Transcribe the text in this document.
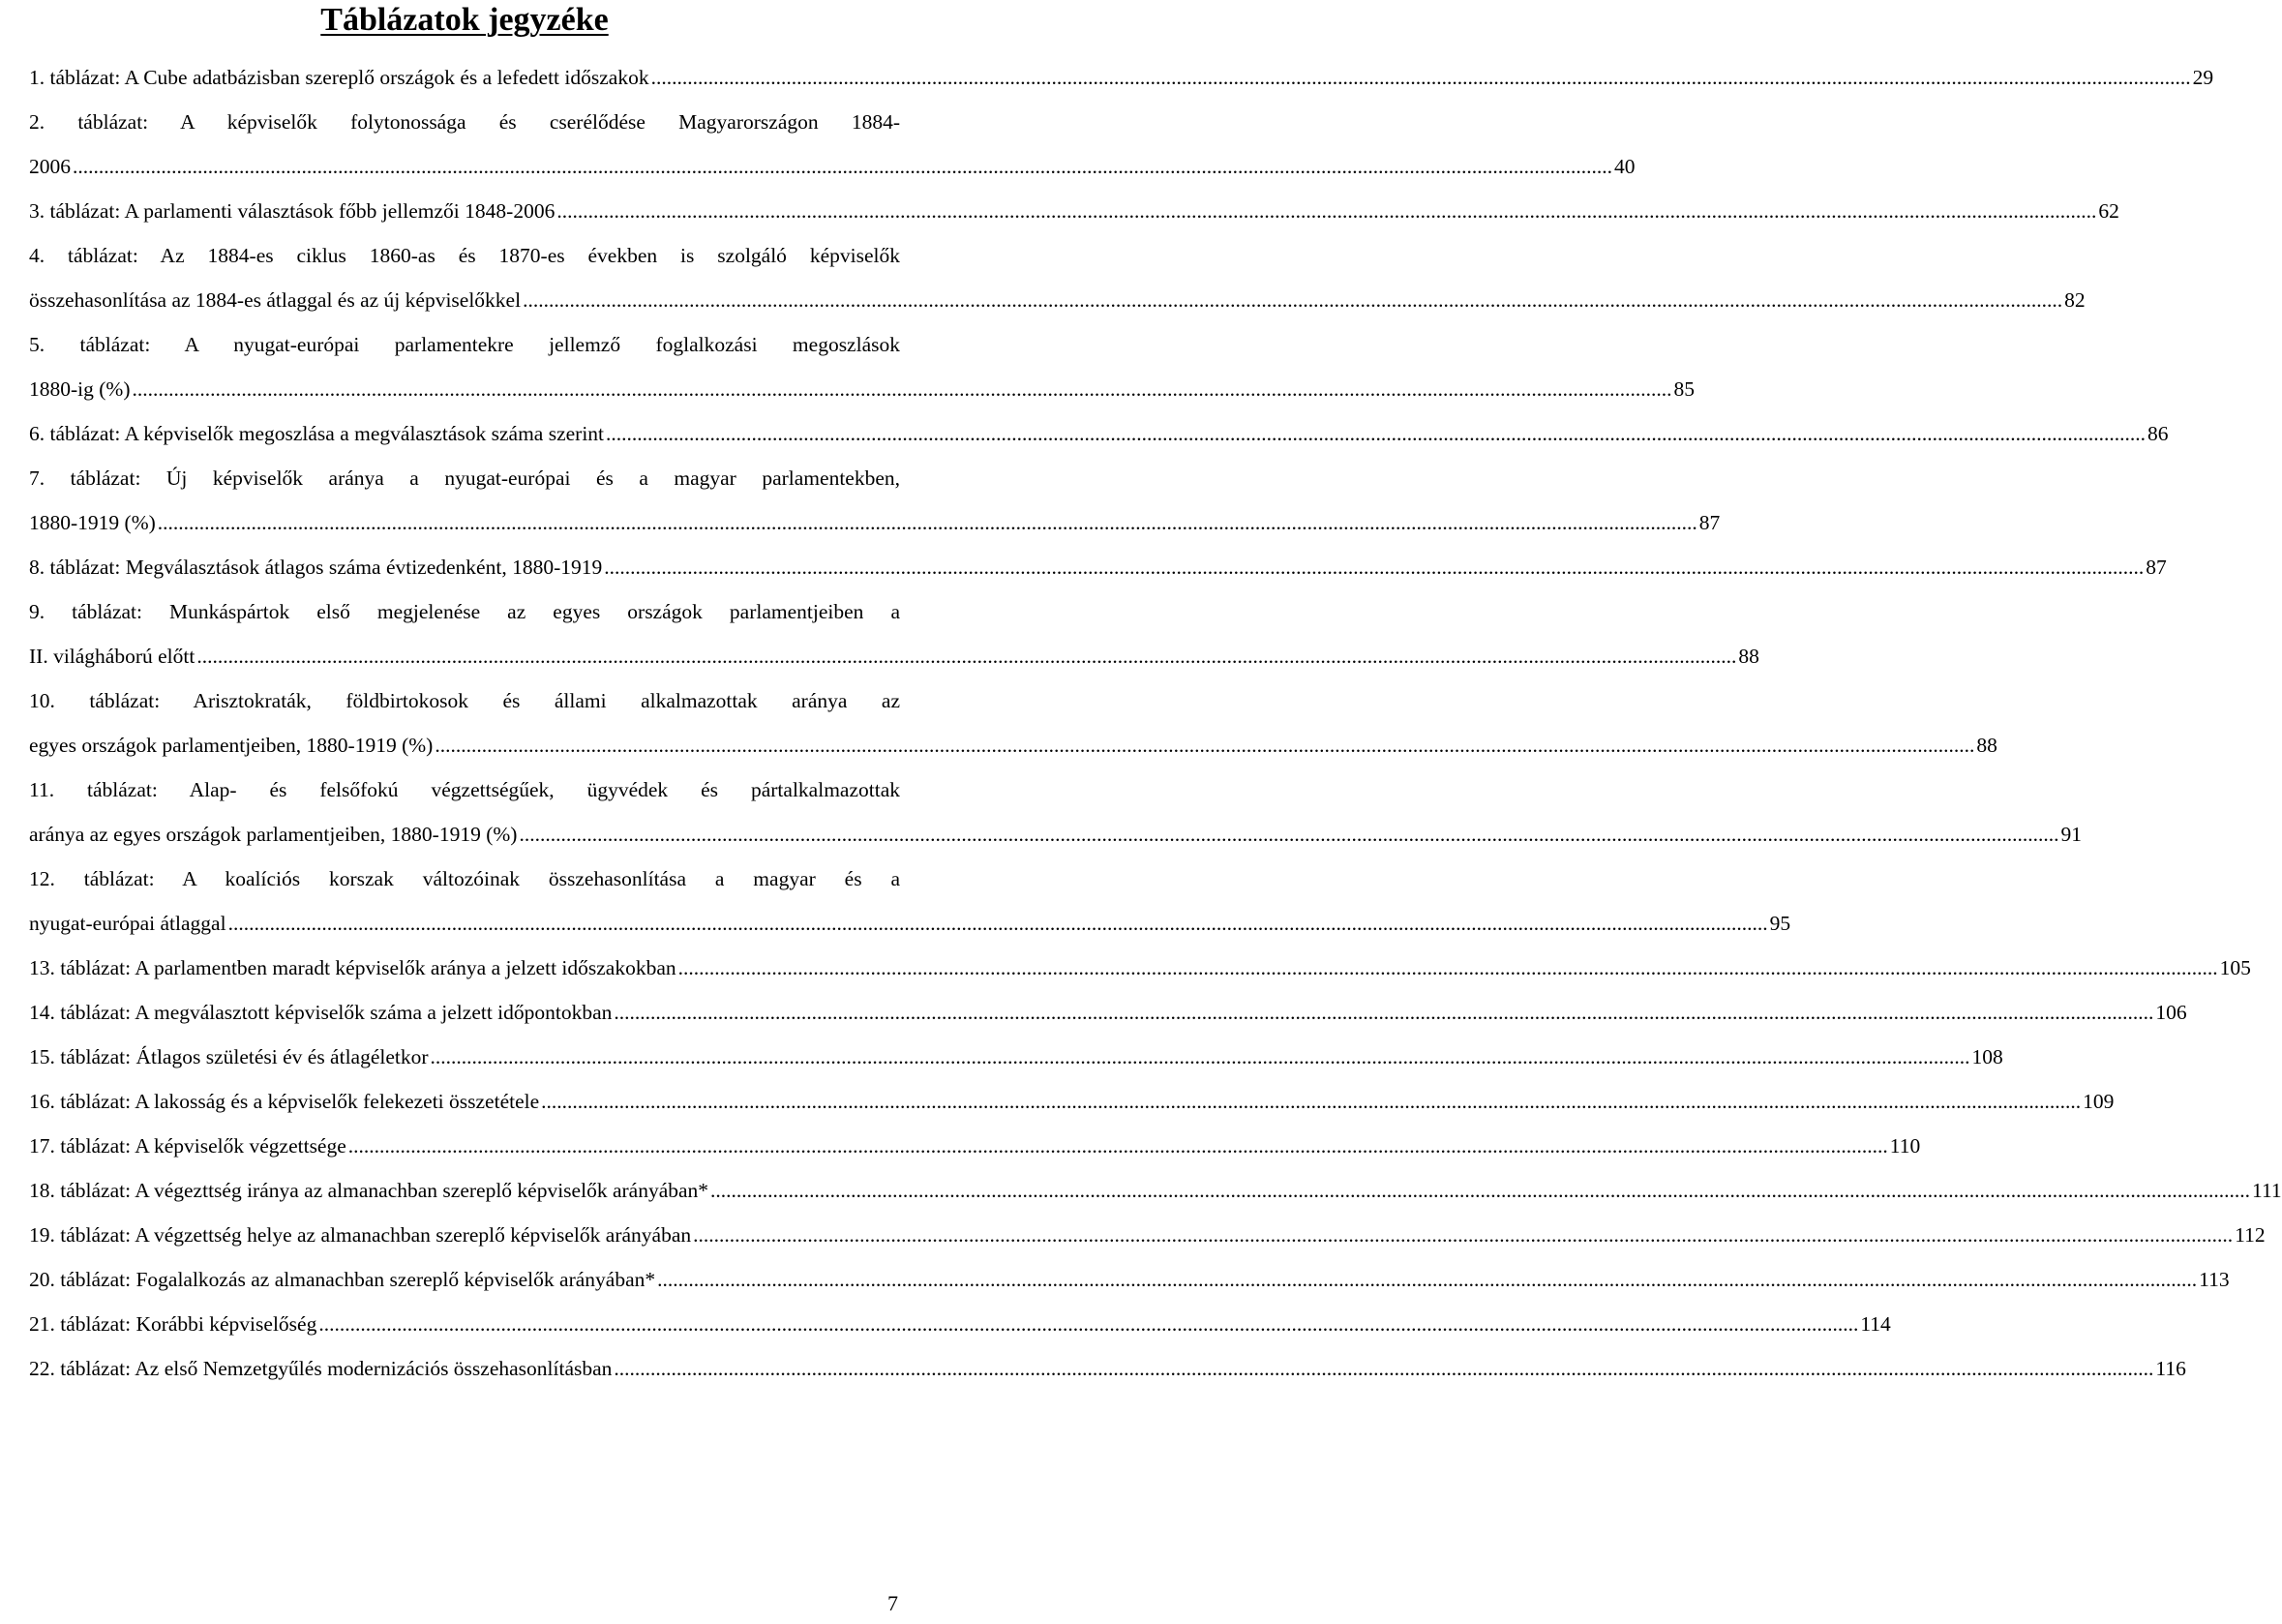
Táblázatok jegyzéke
1. táblázat: A Cube adatbázisban szereplő országok és a lefedett időszakok .....	29
2. táblázat: A képviselők folytonossága és cserélődése Magyarországon 1884-
2006 .....	40
3. táblázat: A parlamenti választások főbb jellemzői 1848-2006 .....	62
4. táblázat: Az 1884-es ciklus 1860-as és 1870-es években is szolgáló képviselők
összehasonlítása az 1884-es átlaggal és az új képviselőkkel .....	82
5. táblázat: A nyugat-európai parlamentekre jellemző foglalkozási megoszlások
1880-ig (%) .....	85
6. táblázat: A képviselők megoszlása a megválasztások száma szerint .....	86
7. táblázat: Új képviselők aránya a nyugat-európai és a magyar parlamentekben,
1880-1919 (%) .....	87
8. táblázat: Megválasztások átlagos száma évtizedenként, 1880-1919 .....	87
9. táblázat: Munkáspártok első megjelenése az egyes országok parlamentjeiben a
II. világháború előtt .....	88
10. táblázat: Arisztokraták, földbirtokosok és állami alkalmazottak aránya az
egyes országok parlamentjeiben, 1880-1919 (%) .....	88
11. táblázat: Alap- és felsőfokú végzettségűek, ügyvédek és pártalkalmazottak
aránya az egyes országok parlamentjeiben, 1880-1919 (%) .....	91
12. táblázat: A koalíciós korszak változóinak összehasonlítása a magyar és a
nyugat-európai átlaggal .....	95
13. táblázat: A parlamentben maradt képviselők aránya a jelzett időszakokban .....	105
14. táblázat: A megválasztott képviselők száma a jelzett időpontokban .....	106
15. táblázat: Átlagos születési év és átlagéletkor .....	108
16. táblázat: A lakosság és a képviselők felekezeti összetétele .....	109
17. táblázat: A képviselők végzettsége .....	110
18. táblázat: A végezttség iránya az almanachban szereplő képviselők arányában* .....	111
19. táblázat: A végzettség helye az almanachban szereplő képviselők arányában .....	112
20. táblázat: Fogalalkozás az almanachban szereplő képviselők arányában* .....	113
21. táblázat: Korábbi képviselőség .....	114
22. táblázat: Az első Nemzetgyűlés modernizációs összehasonlításban .....	116
7
